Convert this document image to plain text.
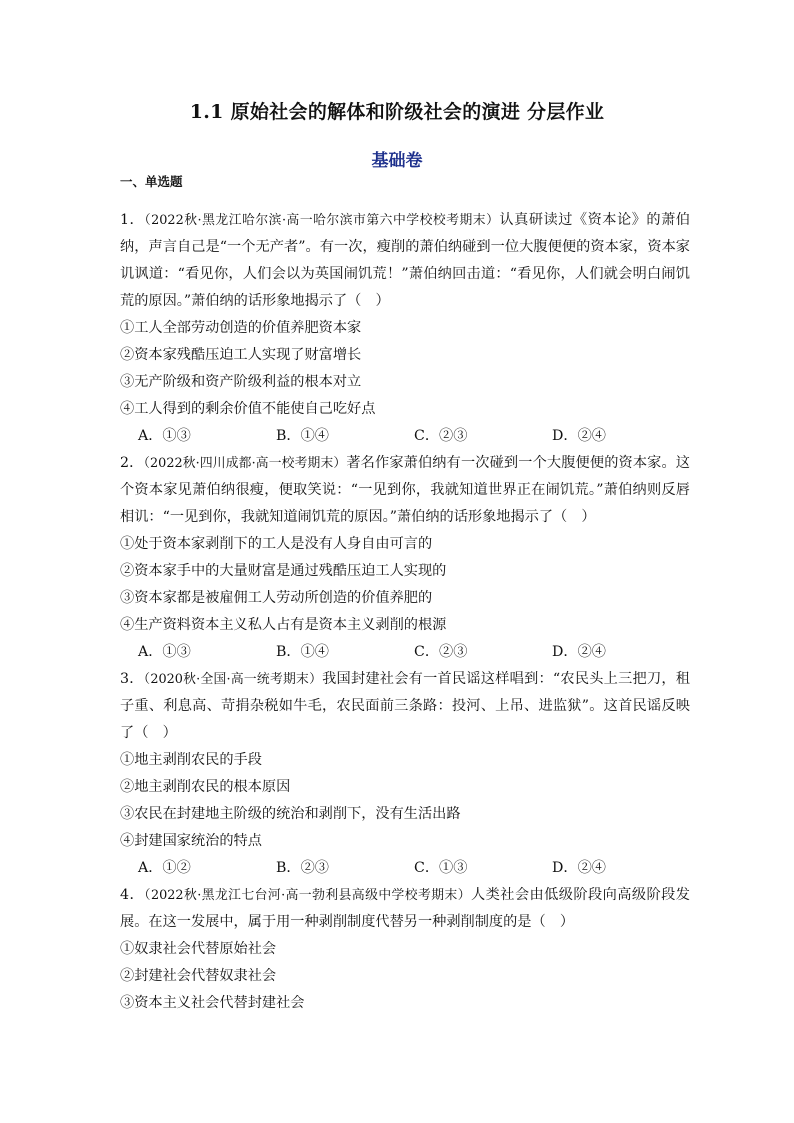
1.1 原始社会的解体和阶级社会的演进 分层作业
基础卷
一、单选题

1．（2022秋·黑龙江哈尔滨·高一哈尔滨市第六中学校校考期末）认真研读过《资本论》的萧伯纳，声言自己是“一个无产者”。有一次，瘦削的萧伯纳碰到一位大腹便便的资本家，资本家讥讽道：“看见你，人们会以为英国闹饥荒！”萧伯纳回击道：“看见你，人们就会明白闹饥荒的原因。”萧伯纳的话形象地揭示了（　）

①工人全部劳动创造的价值养肥资本家

②资本家残酷压迫工人实现了财富增长

③无产阶级和资产阶级利益的根本对立

④工人得到的剩余价值不能使自己吃好点

A．①③	B．①④	C．②③	D．②④

2．（2022秋·四川成都·高一校考期末）著名作家萧伯纳有一次碰到一个大腹便便的资本家。这个资本家见萧伯纳很瘦，便取笑说：“一见到你，我就知道世界正在闹饥荒。”萧伯纳则反唇相讥：“一见到你，我就知道闹饥荒的原因。”萧伯纳的话形象地揭示了（　）

①处于资本家剥削下的工人是没有人身自由可言的

②资本家手中的大量财富是通过残酷压迫工人实现的

③资本家都是被雇佣工人劳动所创造的价值养肥的

④生产资料资本主义私人占有是资本主义剥削的根源

A．①③	B．①④	C．②③	D．②④

3．（2020秋·全国·高一统考期末）我国封建社会有一首民谣这样唱到：“农民头上三把刀，租子重、利息高、苛捐杂税如牛毛，农民面前三条路：投河、上吊、进监狱”。这首民谣反映了（　）

①地主剥削农民的手段

②地主剥削农民的根本原因

③农民在封建地主阶级的统治和剥削下，没有生活出路

④封建国家统治的特点

A．①②	B．②③	C．①③	D．②④

4．（2022秋·黑龙江七台河·高一勃利县高级中学校考期末）人类社会由低级阶段向高级阶段发展。在这一发展中，属于用一种剥削制度代替另一种剥削制度的是（　）

①奴隶社会代替原始社会

②封建社会代替奴隶社会

③资本主义社会代替封建社会
